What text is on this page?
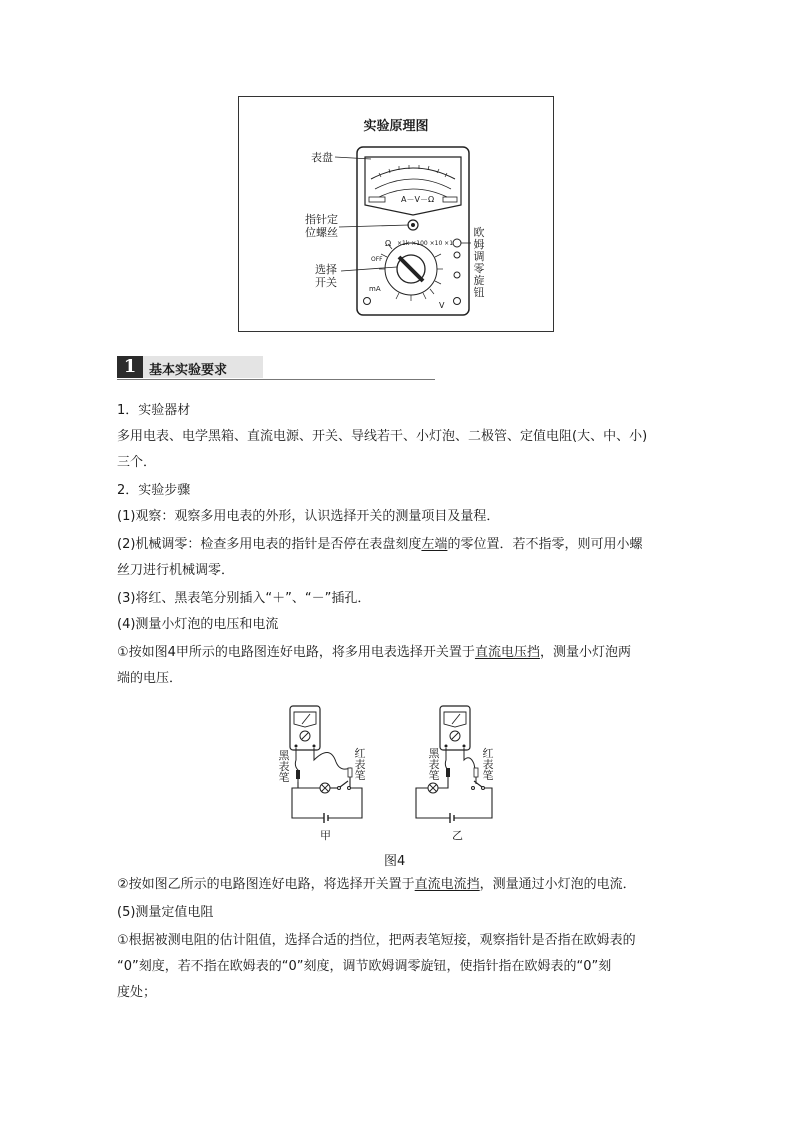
实验原理图
表盘
指针定位螺丝
选择开关
欧姆调零旋钮
A－V－Ω
Ω ×1k ×100 ×10 ×1
OFF
mA
V
1 基本实验要求
1．实验器材
多用电表、电学黑箱、直流电源、开关、导线若干、小灯泡、二极管、定值电阻(大、中、小)
三个．
2．实验步骤
(1)观察：观察多用电表的外形，认识选择开关的测量项目及量程．
(2)机械调零：检查多用电表的指针是否停在表盘刻度左端的零位置．若不指零，则可用小螺
丝刀进行机械调零．
(3)将红、黑表笔分别插入“＋”、“－”插孔．
(4)测量小灯泡的电压和电流
①按如图4甲所示的电路图连好电路，将多用电表选择开关置于直流电压挡，测量小灯泡两
端的电压．
黑表笔
红表笔
黑表笔
红表笔
甲	乙
图4
②按如图乙所示的电路图连好电路，将选择开关置于直流电流挡，测量通过小灯泡的电流．
(5)测量定值电阻
①根据被测电阻的估计阻值，选择合适的挡位，把两表笔短接，观察指针是否指在欧姆表的
“0”刻度，若不指在欧姆表的“0”刻度，调节欧姆调零旋钮，使指针指在欧姆表的“0”刻
度处；
